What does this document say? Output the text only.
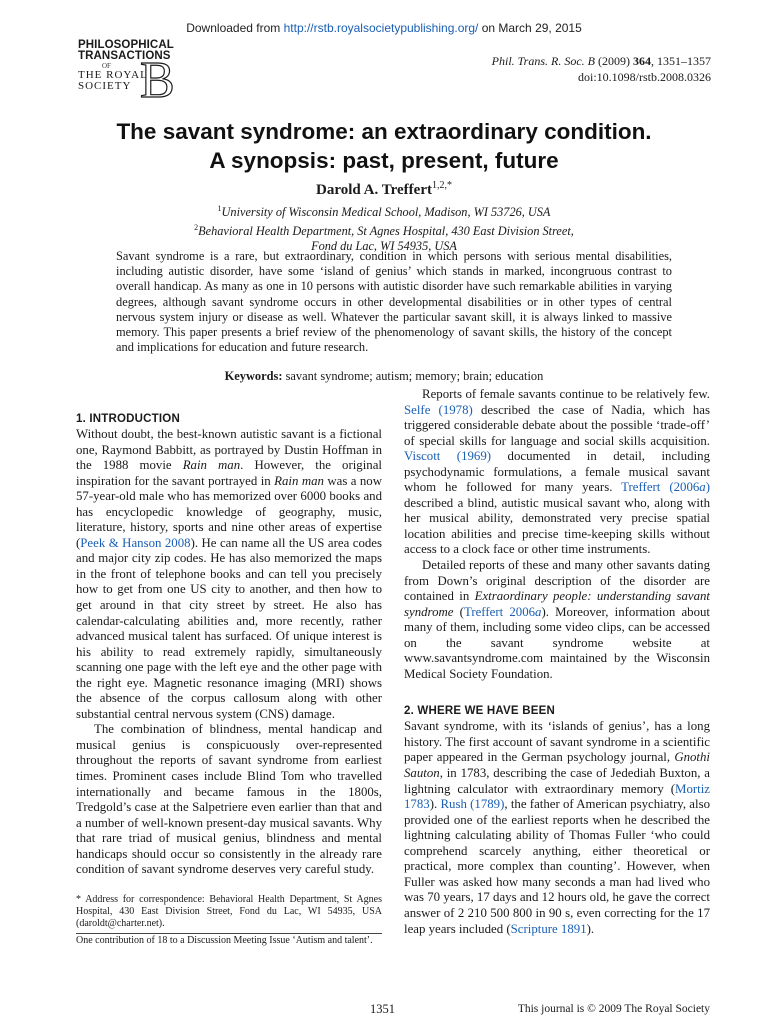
Downloaded from http://rstb.royalsocietypublishing.org/ on March 29, 2015
PHILOSOPHICAL
TRANSACTIONS
OF
THE ROYAL
SOCIETY B	Phil. Trans. R. Soc. B (2009) 364, 1351–1357
doi:10.1098/rstb.2008.0326
The savant syndrome: an extraordinary condition.
A synopsis: past, present, future
Darold A. Treffert$^{1,2,*}$
$^1$University of Wisconsin Medical School, Madison, WI 53726, USA
$^2$Behavioral Health Department, St Agnes Hospital, 430 East Division Street,
Fond du Lac, WI 54935, USA
Savant syndrome is a rare, but extraordinary, condition in which persons with serious mental disabilities, including autistic disorder, have some ‘island of genius’ which stands in marked, incongruous contrast to overall handicap. As many as one in 10 persons with autistic disorder have such remarkable abilities in varying degrees, although savant syndrome occurs in other developmental disabilities or in other types of central nervous system injury or disease as well. Whatever the particular savant skill, it is always linked to massive memory. This paper presents a brief review of the phenomenology of savant skills, the history of the concept and implications for education and future research.
Keywords: savant syndrome; autism; memory; brain; education
1. INTRODUCTION

Without doubt, the best-known autistic savant is a fictional one, Raymond Babbitt, as portrayed by Dustin Hoffman in the 1988 movie Rain man. However, the original inspiration for the savant portrayed in Rain man was a now 57-year-old male who has memorized over 6000 books and has encyclopedic knowledge of geography, music, literature, history, sports and nine other areas of expertise (Peek & Hanson 2008). He can name all the US area codes and major city zip codes. He has also memorized the maps in the front of telephone books and can tell you precisely how to get from one US city to another, and then how to get around in that city street by street. He also has calendar-calculating abilities and, more recently, rather advanced musical talent has surfaced. Of unique interest is his ability to read extremely rapidly, simultaneously scanning one page with the left eye and the other page with the right eye. Magnetic resonance imaging (MRI) shows the absence of the corpus callosum along with other substantial central nervous system (CNS) damage.

The combination of blindness, mental handicap and musical genius is conspicuously over-represented throughout the reports of savant syndrome from earliest times. Prominent cases include Blind Tom who travelled internationally and became famous in the 1800s, Tredgold’s case at the Salpetriere even earlier than that and a number of well-known present-day musical savants. Why that rare triad of musical genius, blindness and mental handicaps should occur so consistently in the already rare condition of savant syndrome deserves very careful study.

* Address for correspondence: Behavioral Health Department, St Agnes Hospital, 430 East Division Street, Fond du Lac, WI 54935, USA (daroldt@charter.net).
One contribution of 18 to a Discussion Meeting Issue ‘Autism and talent’.

Reports of female savants continue to be relatively few. Selfe (1978) described the case of Nadia, which has triggered considerable debate about the possible ‘trade-off’ of special skills for language and social skills acquisition. Viscott (1969) documented in detail, including psychodynamic formulations, a female musical savant whom he followed for many years. Treffert (2006a) described a blind, autistic musical savant who, along with her musical ability, demonstrated very precise spatial location abilities and precise time-keeping skills without access to a clock face or other time instruments.

Detailed reports of these and many other savants dating from Down’s original description of the disorder are contained in Extraordinary people: understanding savant syndrome (Treffert 2006a). Moreover, information about many of them, including some video clips, can be accessed on the savant syndrome website at www.savantsyndrome.com maintained by the Wisconsin Medical Society Foundation.

2. WHERE WE HAVE BEEN

Savant syndrome, with its ‘islands of genius’, has a long history. The first account of savant syndrome in a scientific paper appeared in the German psychology journal, Gnothi Sauton, in 1783, describing the case of Jedediah Buxton, a lightning calculator with extraordinary memory (Mortiz 1783). Rush (1789), the father of American psychiatry, also provided one of the earliest reports when he described the lightning calculating ability of Thomas Fuller ‘who could comprehend scarcely anything, either theoretical or practical, more complex than counting’. However, when Fuller was asked how many seconds a man had lived who was 70 years, 17 days and 12 hours old, he gave the correct answer of 2 210 500 800 in 90 s, even correcting for the 17 leap years included (Scripture 1891).

1351	This journal is © 2009 The Royal Society
